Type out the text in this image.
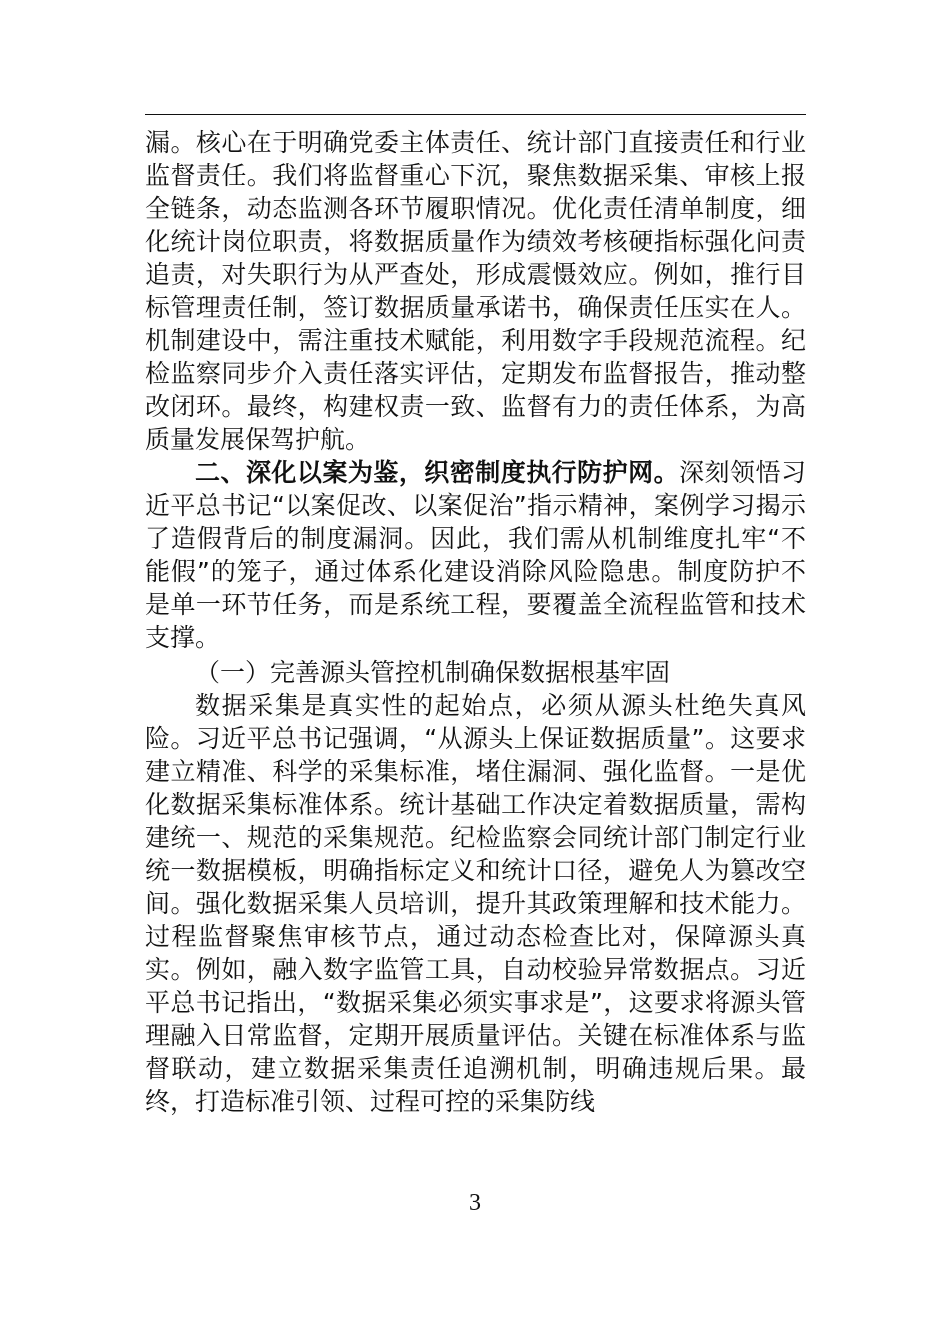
漏。核心在于明确党委主体责任、统计部门直接责任和行业监督责任。我们将监督重心下沉，聚焦数据采集、审核上报全链条，动态监测各环节履职情况。优化责任清单制度，细化统计岗位职责，将数据质量作为绩效考核硬指标强化问责追责，对失职行为从严查处，形成震慑效应。例如，推行目标管理责任制，签订数据质量承诺书，确保责任压实在人。机制建设中，需注重技术赋能，利用数字手段规范流程。纪检监察同步介入责任落实评估，定期发布监督报告，推动整改闭环。最终，构建权责一致、监督有力的责任体系，为高质量发展保驾护航。

二、深化以案为鉴，织密制度执行防护网。深刻领悟习近平总书记“以案促改、以案促治”指示精神，案例学习揭示了造假背后的制度漏洞。因此，我们需从机制维度扎牢“不能假”的笼子，通过体系化建设消除风险隐患。制度防护不是单一环节任务，而是系统工程，要覆盖全流程监管和技术支撑。

（一）完善源头管控机制确保数据根基牢固

数据采集是真实性的起始点，必须从源头杜绝失真风险。习近平总书记强调，“从源头上保证数据质量”。这要求建立精准、科学的采集标准，堵住漏洞、强化监督。一是优化数据采集标准体系。统计基础工作决定着数据质量，需构建统一、规范的采集规范。纪检监察会同统计部门制定行业统一数据模板，明确指标定义和统计口径，避免人为篡改空间。强化数据采集人员培训，提升其政策理解和技术能力。过程监督聚焦审核节点，通过动态检查比对，保障源头真实。例如，融入数字监管工具，自动校验异常数据点。习近平总书记指出，“数据采集必须实事求是”，这要求将源头管理融入日常监督，定期开展质量评估。关键在标准体系与监督联动，建立数据采集责任追溯机制，明确违规后果。最终，打造标准引领、过程可控的采集防线

3
